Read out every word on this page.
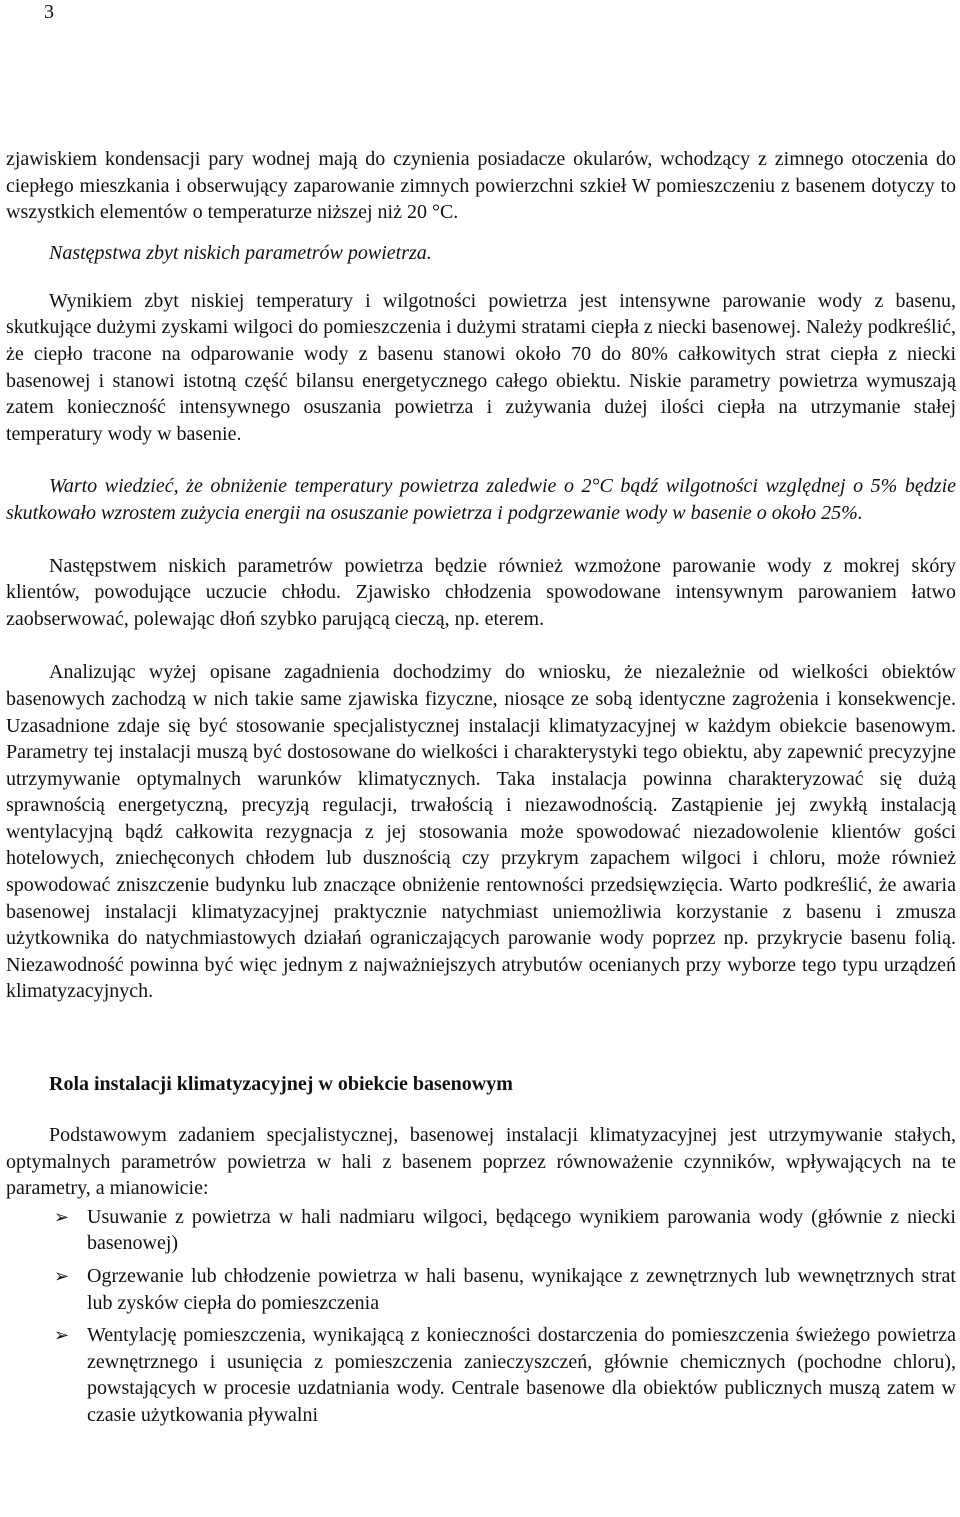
3

zjawiskiem kondensacji pary wodnej mają do czynienia posiadacze okularów, wchodzący z zimnego otoczenia do ciepłego mieszkania i obserwujący zaparowanie zimnych powierzchni szkieł W pomieszczeniu z basenem dotyczy to wszystkich elementów o temperaturze niższej niż 20 °C.

Następstwa zbyt niskich parametrów powietrza.

Wynikiem zbyt niskiej temperatury i wilgotności powietrza jest intensywne parowanie wody z basenu, skutkujące dużymi zyskami wilgoci do pomieszczenia i dużymi stratami ciepła z niecki basenowej. Należy podkreślić, że ciepło tracone na odparowanie wody z basenu stanowi około 70 do 80% całkowitych strat ciepła z niecki basenowej i stanowi istotną część bilansu energetycznego całego obiektu. Niskie parametry powietrza wymuszają zatem konieczność intensywnego osuszania powietrza i zużywania dużej ilości ciepła na utrzymanie stałej temperatury wody w basenie.

Warto wiedzieć, że obniżenie temperatury powietrza zaledwie o 2°C bądź wilgotności względnej o 5% będzie skutkowało wzrostem zużycia energii na osuszanie powietrza i podgrzewanie wody w basenie o około 25%.

Następstwem niskich parametrów powietrza będzie również wzmożone parowanie wody z mokrej skóry klientów, powodujące uczucie chłodu. Zjawisko chłodzenia spowodowane intensywnym parowaniem łatwo zaobserwować, polewając dłoń szybko parującą cieczą, np. eterem.

Analizując wyżej opisane zagadnienia dochodzimy do wniosku, że niezależnie od wielkości obiektów basenowych zachodzą w nich takie same zjawiska fizyczne, niosące ze sobą identyczne zagrożenia i konsekwencje. Uzasadnione zdaje się być stosowanie specjalistycznej instalacji klimatyzacyjnej w każdym obiekcie basenowym. Parametry tej instalacji muszą być dostosowane do wielkości i charakterystyki tego obiektu, aby zapewnić precyzyjne utrzymywanie optymalnych warunków klimatycznych. Taka instalacja powinna charakteryzować się dużą sprawnością energetyczną, precyzją regulacji, trwałością i niezawodnością. Zastąpienie jej zwykłą instalacją wentylacyjną bądź całkowita rezygnacja z jej stosowania może spowodować niezadowolenie klientów gości hotelowych, zniechęconych chłodem lub dusznością czy przykrym zapachem wilgoci i chloru, może również spowodować zniszczenie budynku lub znaczące obniżenie rentowności przedsięwzięcia. Warto podkreślić, że awaria basenowej instalacji klimatyzacyjnej praktycznie natychmiast uniemożliwia korzystanie z basenu i zmusza użytkownika do natychmiastowych działań ograniczających parowanie wody poprzez np. przykrycie basenu folią. Niezawodność powinna być więc jednym z najważniejszych atrybutów ocenianych przy wyborze tego typu urządzeń klimatyzacyjnych.

Rola instalacji klimatyzacyjnej w obiekcie basenowym

Podstawowym zadaniem specjalistycznej, basenowej instalacji klimatyzacyjnej jest utrzymywanie stałych, optymalnych parametrów powietrza w hali z basenem poprzez równoważenie czynników, wpływających na te parametry, a mianowicie:

➢ Usuwanie z powietrza w hali nadmiaru wilgoci, będącego wynikiem parowania wody (głównie z niecki basenowej)
➢ Ogrzewanie lub chłodzenie powietrza w hali basenu, wynikające z zewnętrznych lub wewnętrznych strat lub zysków ciepła do pomieszczenia
➢ Wentylację pomieszczenia, wynikającą z konieczności dostarczenia do pomieszczenia świeżego powietrza zewnętrznego i usunięcia z pomieszczenia zanieczyszczeń, głównie chemicznych (pochodne chloru), powstających w procesie uzdatniania wody. Centrale basenowe dla obiektów publicznych muszą zatem w czasie użytkowania pływalni
